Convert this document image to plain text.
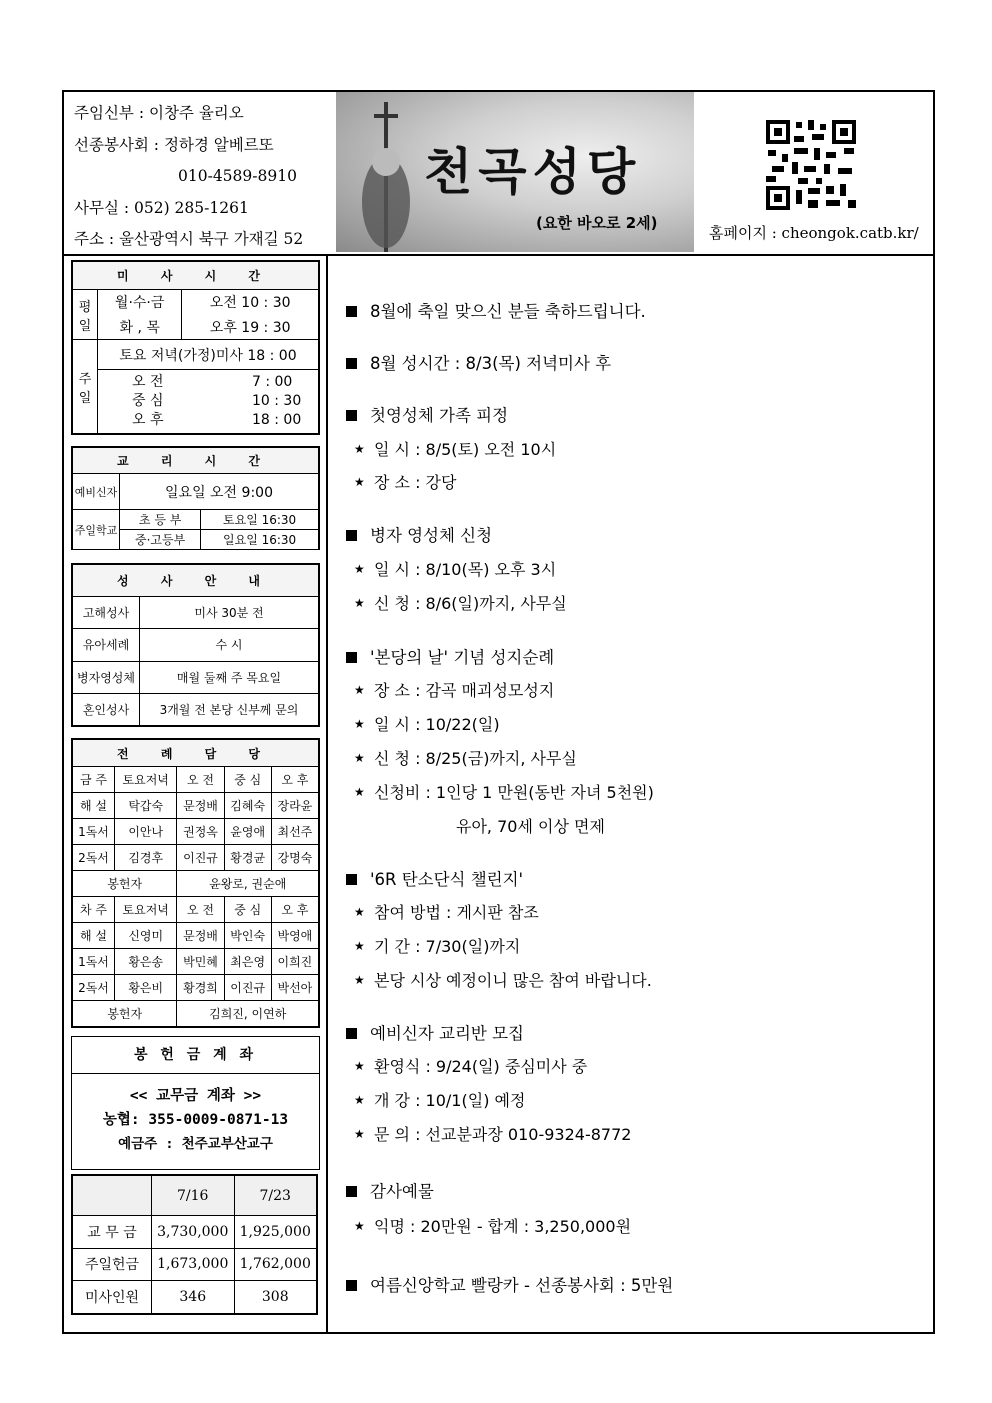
주임신부 : 이창주 율리오
선종봉사회 : 정하경 알베르또
010-4589-8910
사무실 : 052) 285-1261
주소 : 울산광역시 북구 가재길 52
천곡성당
(요한 바오로 2세)
홈페이지 : cheongok.catb.kr/
미 사 시 간		
평일	월·수·금	오전 10 : 30
	화 , 목	오후 19 : 30
주일	토요 저녁(가정)미사 18 : 00	

	오 전 7 : 00
중 심 10 : 30
오 후 18 : 00	
교 리 시 간		
예비신자	일요일 오전 9:00	
주일학교	초 등 부	토요일 16:30
	중·고등부	일요일 16:30
성 사 안 내	
고해성사	미사 30분 전
유아세례	수 시
병자영성체	매월 둘째 주 목요일
혼인성사	3개월 전 본당 신부께 문의
전 례 담 당				
금 주	토요저녁	오 전	중 심	오 후
해 설	탁갑숙	문정배	김혜숙	장라윤
1독서	이안나	권정옥	윤영애	최선주
2독서	김경후	이진규	황경균	강명숙
봉헌자		윤왕로, 권순애		
차 주	토요저녁	오 전	중 심	오 후
해 설	신영미	문정배	박인숙	박영애
1독서	황은송	박민혜	최은영	이희진
2독서	황은비	황경희	이진규	박선아
봉헌자		김희진, 이연하		
봉 헌 금 계 좌
<< 교무금 계좌 >>
농협: 355-0009-0871-13
예금주 : 천주교부산교구
	7/16	7/23
교 무 금	3,730,000	1,925,000
주일헌금	1,673,000	1,762,000
미사인원	346	308
8월에 축일 맞으신 분들 축하드립니다.
8월 성시간 : 8/3(목) 저녁미사 후
첫영성체 가족 피정
★ 일 시 : 8/5(토) 오전 10시
★ 장 소 : 강당
병자 영성체 신청
★ 일 시 : 8/10(목) 오후 3시
★ 신 청 : 8/6(일)까지, 사무실
'본당의 날' 기념 성지순례
★ 장 소 : 감곡 매괴성모성지
★ 일 시 : 10/22(일)
★ 신 청 : 8/25(금)까지, 사무실
★ 신청비 : 1인당 1 만원(동반 자녀 5천원)
유아, 70세 이상 면제
'6R 탄소단식 챌린지'
★ 참여 방법 : 게시판 참조
★ 기 간 : 7/30(일)까지
★ 본당 시상 예정이니 많은 참여 바랍니다.
예비신자 교리반 모집
★ 환영식 : 9/24(일) 중심미사 중
★ 개 강 : 10/1(일) 예정
★ 문 의 : 선교분과장 010-9324-8772
감사예물
★ 익명 : 20만원 - 합계 : 3,250,000원
여름신앙학교 빨랑카 - 선종봉사회 : 5만원
